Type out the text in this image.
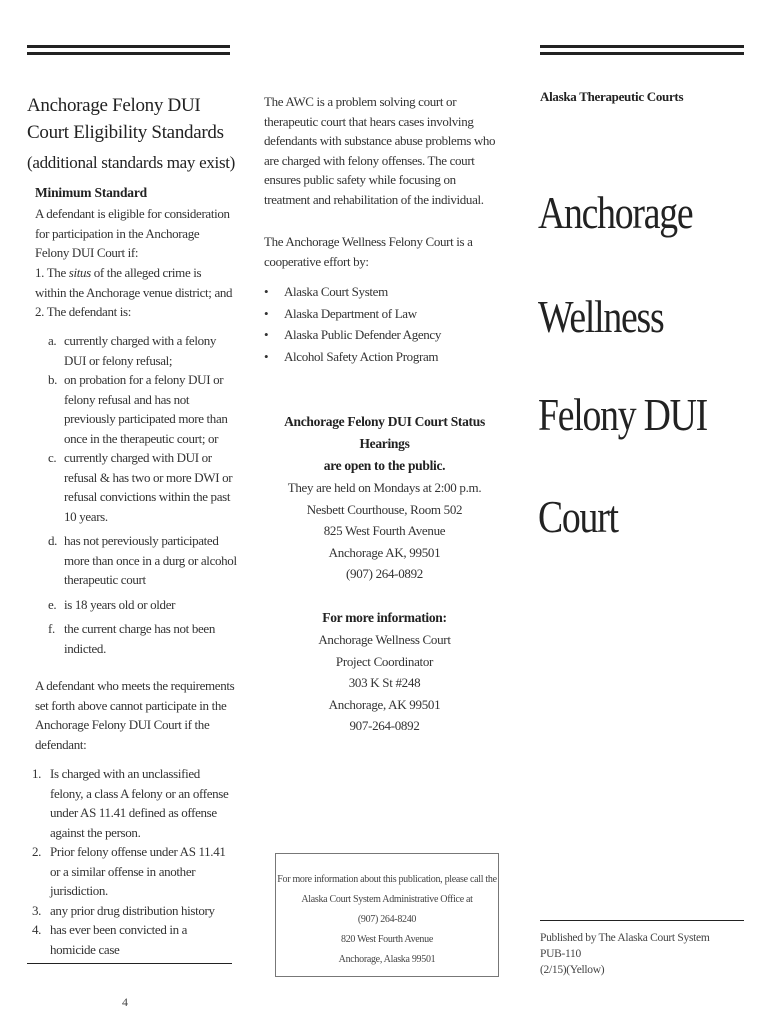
Anchorage Felony DUI
Court Eligibility Standards
(additional standards may exist)
Minimum Standard

A defendant is eligible for consideration for participation in the Anchorage Felony DUI Court if:

1. The situs of the alleged crime is within the Anchorage venue district; and

2. The defendant is:

a. currently charged with a felony DUI or felony refusal;
b. on probation for a felony DUI or felony refusal and has not previously participated more than once in the therapeutic court; or
c. currently charged with DUI or refusal & has two or more DWI or refusal convictions within the past 10 years.
d. has not pereviously participated more than once in a durg or alcohol therapeutic court
e. is 18 years old or older
f. the current charge has not been indicted.

A defendant who meets the requirements set forth above cannot participate in the Anchorage Felony DUI Court if the defendant:

1. Is charged with an unclassified felony, a class A felony or an offense under AS 11.41 defined as offense against the person.
2. Prior felony offense under AS 11.41 or a similar offense in another jurisdiction.
3. any prior drug distribution history
4. has ever been convicted in a homicide case
4

The AWC is a problem solving court or therapeutic court that hears cases involving defendants with substance abuse problems who are charged with felony offenses. The court ensures public safety while focusing on treatment and rehabilitation of the individual.

The Anchorage Wellness Felony Court is a cooperative effort by:

•	Alaska Court System
•	Alaska Department of Law
•	Alaska Public Defender Agency
•	Alcohol Safety Action Program
Anchorage Felony DUI Court Status Hearings
are open to the public.
They are held on Mondays at 2:00 p.m.
Nesbett Courthouse, Room 502
825 West Fourth Avenue
Anchorage AK, 99501
(907) 264-0892
For more information:
Anchorage Wellness Court
Project Coordinator
303 K St #248
Anchorage, AK 99501
907-264-0892
For more information about this publication, please call the
Alaska Court System Administrative Office at
(907) 264-8240
820 West Fourth Avenue
Anchorage, Alaska 99501
Alaska Therapeutic Courts
Anchorage
Wellness
Felony DUI
Court
Published by The Alaska Court System
PUB-110
(2/15)(Yellow)
